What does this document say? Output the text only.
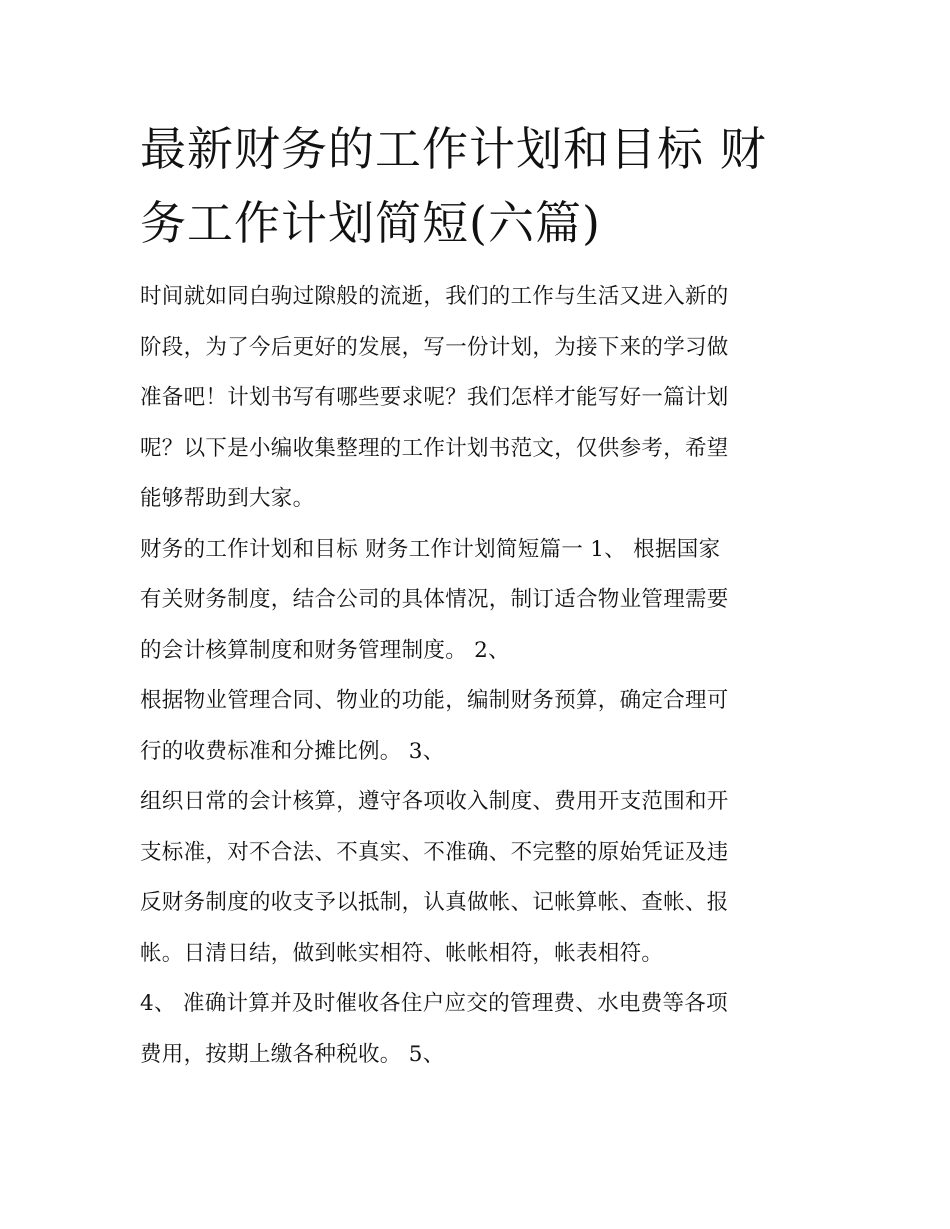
最新财务的工作计划和目标 财
务工作计划简短(六篇)
时间就如同白驹过隙般的流逝，我们的工作与生活又进入新的
阶段，为了今后更好的发展，写一份计划，为接下来的学习做
准备吧！计划书写有哪些要求呢？我们怎样才能写好一篇计划
呢？以下是小编收集整理的工作计划书范文，仅供参考，希望
能够帮助到大家。
财务的工作计划和目标 财务工作计划简短篇一 1、 根据国家
有关财务制度，结合公司的具体情况，制订适合物业管理需要
的会计核算制度和财务管理制度。 2、
根据物业管理合同、物业的功能，编制财务预算，确定合理可
行的收费标准和分摊比例。 3、
组织日常的会计核算，遵守各项收入制度、费用开支范围和开
支标准，对不合法、不真实、不准确、不完整的原始凭证及违
反财务制度的收支予以抵制，认真做帐、记帐算帐、查帐、报
帐。日清日结，做到帐实相符、帐帐相符，帐表相符。
4、 准确计算并及时催收各住户应交的管理费、水电费等各项
费用，按期上缴各种税收。 5、
